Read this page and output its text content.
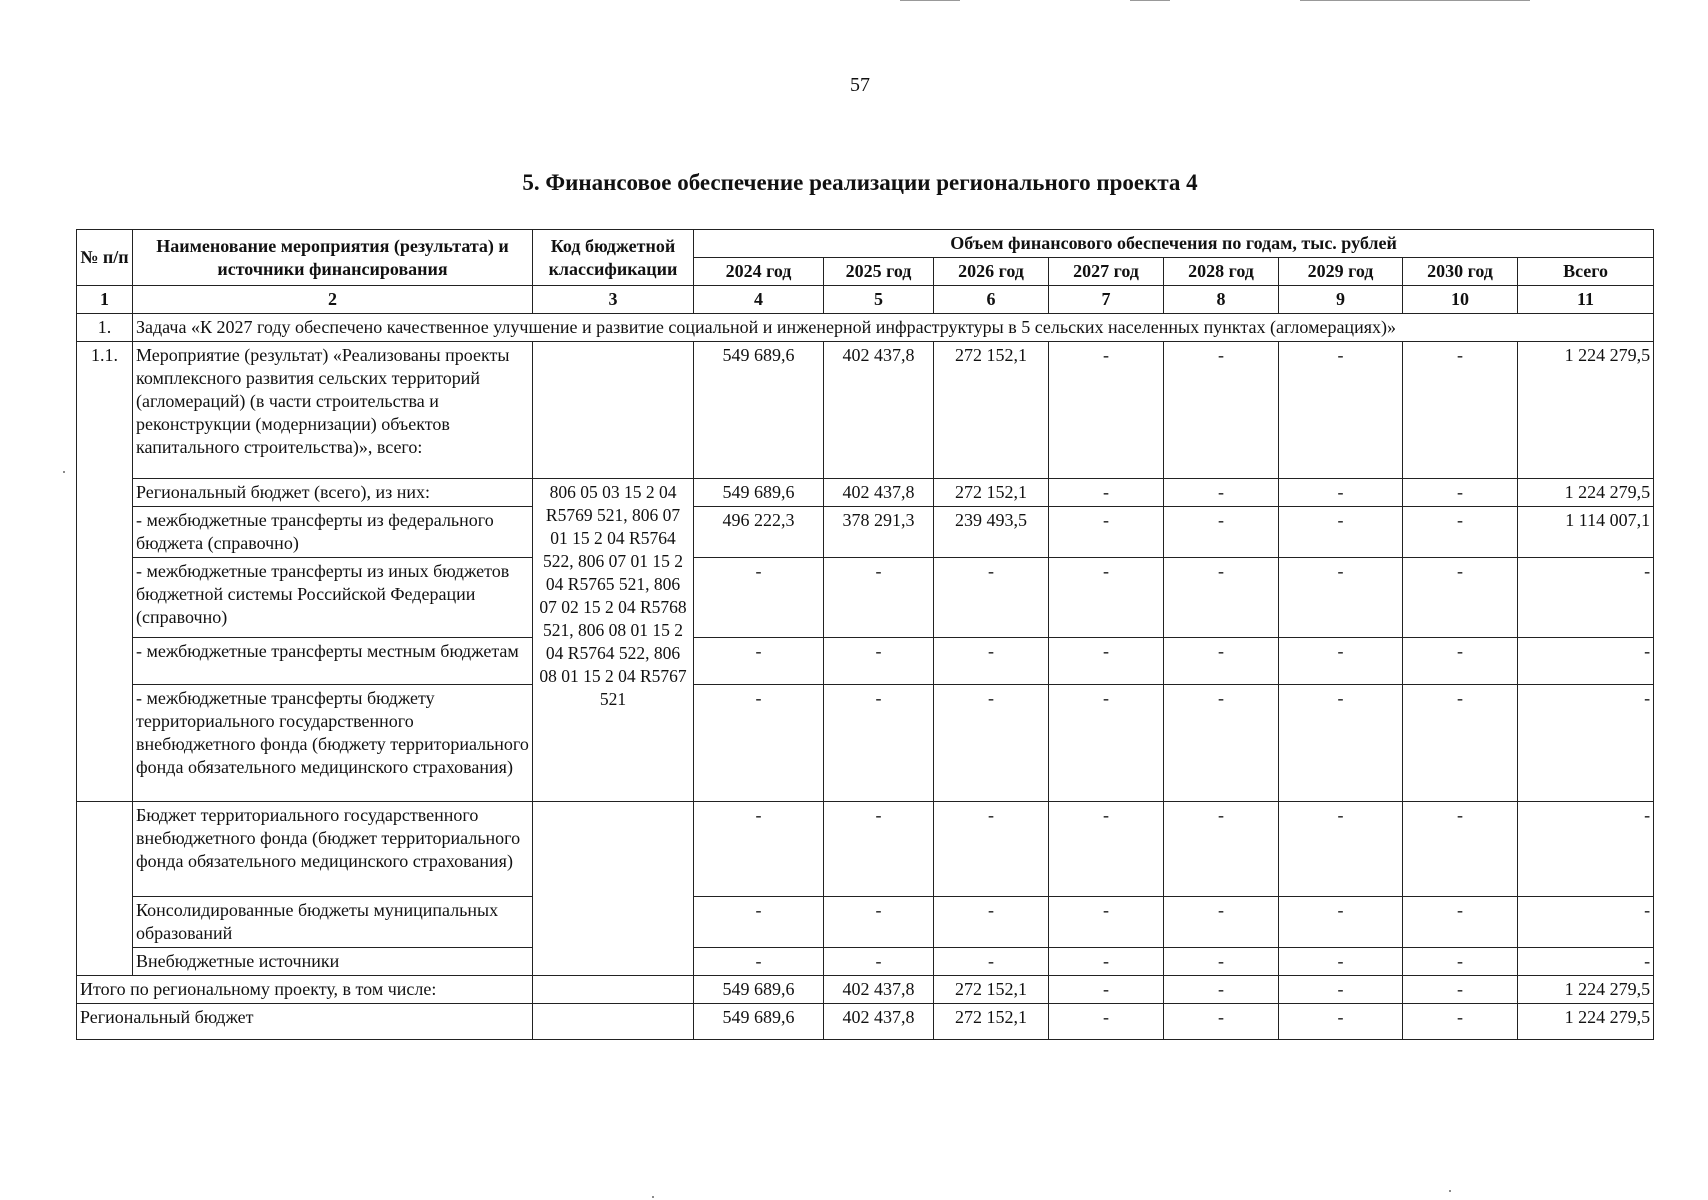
57
5. Финансовое обеспечение реализации регионального проекта 4
№ п/п	Наименование мероприятия (результата) и источники финансирования	Код бюджетной классификации	Объем финансового обеспечения по годам, тыс. рублей							
			2024 год	2025 год	2026 год	2027 год	2028 год	2029 год	2030 год	Всего
1	2	3	4	5	6	7	8	9	10	11
1.	Задача «К 2027 году обеспечено качественное улучшение и развитие социальной и инженерной инфраструктуры в 5 сельских населенных пунктах (агломерациях)»									
1.1.	Мероприятие (результат) «Реализованы проекты комплексного развития сельских территорий (агломераций) (в части строительства и реконструкции (модернизации) объектов капитального строительства)», всего:		549 689,6	402 437,8	272 152,1	-	-	-	-	1 224 279,5
	Региональный бюджет (всего), из них:	806 05 03 15 2 04 R5769 521, 806 07 01 15 2 04 R5764 522, 806 07 01 15 2 04 R5765 521, 806 07 02 15 2 04 R5768 521, 806 08 01 15 2 04 R5764 522, 806 08 01 15 2 04 R5767 521	549 689,6	402 437,8	272 152,1	-	-	-	-	1 224 279,5
	- межбюджетные трансферты из федерального бюджета (справочно)		496 222,3	378 291,3	239 493,5	-	-	-	-	1 114 007,1
	- межбюджетные трансферты из иных бюджетов бюджетной системы Российской Федерации (справочно)		-	-	-	-	-	-	-	-
	- межбюджетные трансферты местным бюджетам		-	-	-	-	-	-	-	-
	- межбюджетные трансферты бюджету территориального государственного внебюджетного фонда (бюджету территориального фонда обязательного медицинского страхования)		-	-	-	-	-	-	-	-
	Бюджет территориального государственного внебюджетного фонда (бюджет территориального фонда обязательного медицинского страхования)		-	-	-	-	-	-	-	-
	Консолидированные бюджеты муниципальных образований		-	-	-	-	-	-	-	-
	Внебюджетные источники		-	-	-	-	-	-	-	-
Итого по региональному проекту, в том числе:			549 689,6	402 437,8	272 152,1	-	-	-	-	1 224 279,5
Региональный бюджет			549 689,6	402 437,8	272 152,1	-	-	-	-	1 224 279,5
